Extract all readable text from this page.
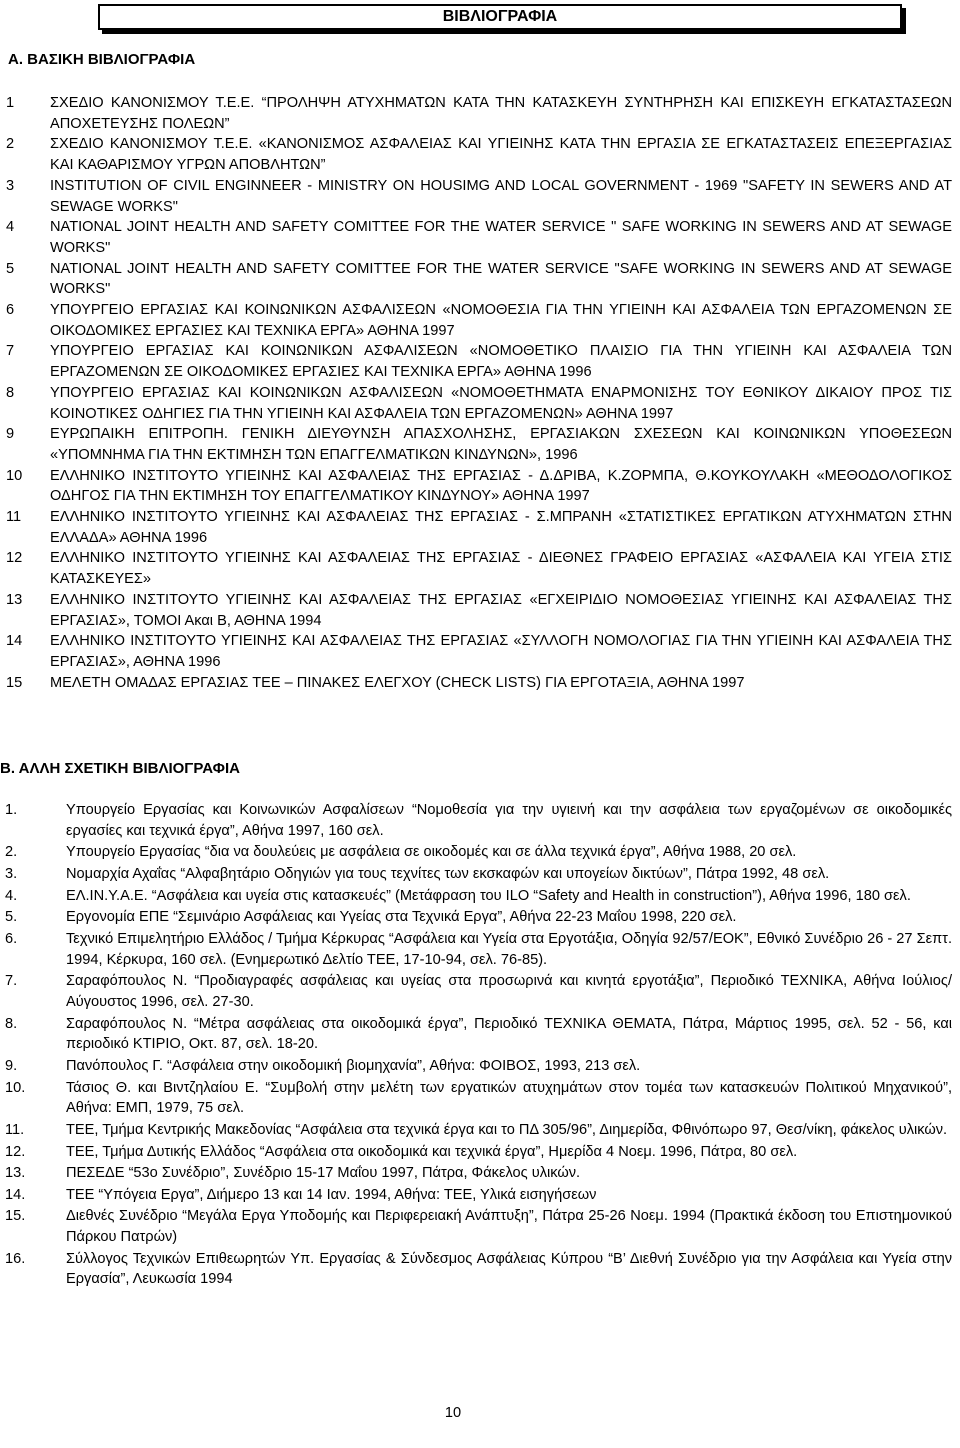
ΒΙΒΛΙΟΓΡΑΦΙΑ
Α. ΒΑΣΙΚΗ ΒΙΒΛΙΟΓΡΑΦΙΑ
1	ΣΧΕΔΙΟ ΚΑΝΟΝΙΣΜΟΥ Τ.Ε.Ε. “ΠΡΟΛΗΨΗ ΑΤΥΧΗΜΑΤΩΝ ΚΑΤΑ ΤΗΝ ΚΑΤΑΣΚΕΥΗ ΣΥΝΤΗΡΗΣΗ ΚΑΙ ΕΠΙΣΚΕΥΗ ΕΓΚΑΤΑΣΤΑΣΕΩΝ ΑΠΟΧΕΤΕΥΣΗΣ ΠΟΛΕΩΝ”
2	ΣΧΕΔΙΟ ΚΑΝΟΝΙΣΜΟΥ Τ.Ε.Ε. «ΚΑΝΟΝΙΣΜΟΣ ΑΣΦΑΛΕΙΑΣ ΚΑΙ ΥΓΙΕΙΝΗΣ ΚΑΤΑ ΤΗΝ ΕΡΓΑΣΙΑ ΣΕ ΕΓΚΑΤΑΣΤΑΣΕΙΣ ΕΠΕΞΕΡΓΑΣΙΑΣ ΚΑΙ ΚΑΘΑΡΙΣΜΟΥ ΥΓΡΩΝ ΑΠΟΒΛΗΤΩΝ”
3	INSTITUTION OF CIVIL ENGINNEER - MINISTRY ON HOUSIMG AND LOCAL GOVERNMENT - 1969 "SAFETY IN SEWERS AND AT SEWAGE WORKS"
4	NATIONAL JOINT HEALTH AND SAFETY COMITTEE FOR THE WATER SERVICE " SAFE WORKING IN SEWERS AND AT SEWAGE WORKS"
5	NATIONAL JOINT HEALTH AND SAFETY COMITTEE FOR THE WATER SERVICE "SAFE WORKING IN SEWERS AND AT SEWAGE WORKS"
6	ΥΠΟΥΡΓΕΙΟ ΕΡΓΑΣΙΑΣ ΚΑΙ ΚΟΙΝΩΝΙΚΩΝ ΑΣΦΑΛΙΣΕΩΝ «ΝΟΜΟΘΕΣΙΑ ΓΙΑ ΤΗΝ ΥΓΙΕΙΝΗ ΚΑΙ ΑΣΦΑΛΕΙΑ ΤΩΝ ΕΡΓΑΖΟΜΕΝΩΝ ΣΕ ΟΙΚΟΔΟΜΙΚΕΣ ΕΡΓΑΣΙΕΣ ΚΑΙ ΤΕΧΝΙΚΑ ΕΡΓΑ» ΑΘΗΝΑ 1997
7	ΥΠΟΥΡΓΕΙΟ ΕΡΓΑΣΙΑΣ ΚΑΙ ΚΟΙΝΩΝΙΚΩΝ ΑΣΦΑΛΙΣΕΩΝ «ΝΟΜΟΘΕΤΙΚΟ ΠΛΑΙΣΙΟ ΓΙΑ ΤΗΝ ΥΓΙΕΙΝΗ ΚΑΙ ΑΣΦΑΛΕΙΑ ΤΩΝ ΕΡΓΑΖΟΜΕΝΩΝ ΣΕ ΟΙΚΟΔΟΜΙΚΕΣ ΕΡΓΑΣΙΕΣ ΚΑΙ ΤΕΧΝΙΚΑ ΕΡΓΑ» ΑΘΗΝΑ 1996
8	ΥΠΟΥΡΓΕΙΟ ΕΡΓΑΣΙΑΣ ΚΑΙ ΚΟΙΝΩΝΙΚΩΝ ΑΣΦΑΛΙΣΕΩΝ «ΝΟΜΟΘΕΤΗΜΑΤΑ ΕΝΑΡΜΟΝΙΣΗΣ ΤΟΥ ΕΘΝΙΚΟΥ ΔΙΚΑΙΟΥ ΠΡΟΣ ΤΙΣ ΚΟΙΝΟΤΙΚΕΣ ΟΔΗΓΙΕΣ ΓΙΑ ΤΗΝ ΥΓΙΕΙΝΗ ΚΑΙ ΑΣΦΑΛΕΙΑ ΤΩΝ ΕΡΓΑΖΟΜΕΝΩΝ» ΑΘΗΝΑ 1997
9	ΕΥΡΩΠΑΙΚΗ ΕΠΙΤΡΟΠΗ. ΓΕΝΙΚΗ ΔΙΕΥΘΥΝΣΗ ΑΠΑΣΧΟΛΗΣΗΣ, ΕΡΓΑΣΙΑΚΩΝ ΣΧΕΣΕΩΝ ΚΑΙ ΚΟΙΝΩΝΙΚΩΝ ΥΠΟΘΕΣΕΩΝ «ΥΠΟΜΝΗΜΑ ΓΙΑ ΤΗΝ ΕΚΤΙΜΗΣΗ ΤΩΝ ΕΠΑΓΓΕΛΜΑΤΙΚΩΝ ΚΙΝΔΥΝΩΝ», 1996
10	ΕΛΛΗΝΙΚΟ ΙΝΣΤΙΤΟΥΤΟ ΥΓΙΕΙΝΗΣ ΚΑΙ ΑΣΦΑΛΕΙΑΣ ΤΗΣ ΕΡΓΑΣΙΑΣ - Δ.ΔΡΙΒΑ, Κ.ΖΟΡΜΠΑ, Θ.ΚΟΥΚΟΥΛΑΚΗ «ΜΕΘΟΔΟΛΟΓΙΚΟΣ ΟΔΗΓΟΣ ΓΙΑ ΤΗΝ ΕΚΤΙΜΗΣΗ ΤΟΥ ΕΠΑΓΓΕΛΜΑΤΙΚΟΥ ΚΙΝΔΥΝΟΥ» ΑΘΗΝΑ 1997
11	ΕΛΛΗΝΙΚΟ ΙΝΣΤΙΤΟΥΤΟ ΥΓΙΕΙΝΗΣ ΚΑΙ ΑΣΦΑΛΕΙΑΣ ΤΗΣ ΕΡΓΑΣΙΑΣ - Σ.ΜΠΡΑΝΗ «ΣΤΑΤΙΣΤΙΚΕΣ ΕΡΓΑΤΙΚΩΝ ΑΤΥΧΗΜΑΤΩΝ ΣΤΗΝ ΕΛΛΑΔΑ» ΑΘΗΝΑ 1996
12	ΕΛΛΗΝΙΚΟ ΙΝΣΤΙΤΟΥΤΟ ΥΓΙΕΙΝΗΣ ΚΑΙ ΑΣΦΑΛΕΙΑΣ ΤΗΣ ΕΡΓΑΣΙΑΣ - ΔΙΕΘΝΕΣ ΓΡΑΦΕΙΟ ΕΡΓΑΣΙΑΣ «ΑΣΦΑΛΕΙΑ ΚΑΙ ΥΓΕΙΑ ΣΤΙΣ ΚΑΤΑΣΚΕΥΕΣ»
13	ΕΛΛΗΝΙΚΟ ΙΝΣΤΙΤΟΥΤΟ ΥΓΙΕΙΝΗΣ ΚΑΙ ΑΣΦΑΛΕΙΑΣ ΤΗΣ ΕΡΓΑΣΙΑΣ «ΕΓΧΕΙΡΙΔΙΟ ΝΟΜΟΘΕΣΙΑΣ ΥΓΙΕΙΝΗΣ ΚΑΙ ΑΣΦΑΛΕΙΑΣ ΤΗΣ ΕΡΓΑΣΙΑΣ», ΤΟΜΟΙ Ακαι Β, ΑΘΗΝΑ 1994
14	ΕΛΛΗΝΙΚΟ ΙΝΣΤΙΤΟΥΤΟ ΥΓΙΕΙΝΗΣ ΚΑΙ ΑΣΦΑΛΕΙΑΣ ΤΗΣ ΕΡΓΑΣΙΑΣ «ΣΥΛΛΟΓΗ ΝΟΜΟΛΟΓΙΑΣ ΓΙΑ ΤΗΝ ΥΓΙΕΙΝΗ ΚΑΙ ΑΣΦΑΛΕΙΑ ΤΗΣ ΕΡΓΑΣΙΑΣ», ΑΘΗΝΑ 1996
15	ΜΕΛΕΤΗ ΟΜΑΔΑΣ ΕΡΓΑΣΙΑΣ ΤΕΕ – ΠΙΝΑΚΕΣ ΕΛΕΓΧΟΥ (CHECK LISTS) ΓΙΑ ΕΡΓΟΤΑΞΙΑ, ΑΘΗΝΑ 1997
Β. ΑΛΛΗ ΣΧΕΤΙΚΗ ΒΙΒΛΙΟΓΡΑΦΙΑ
1.	Υπουργείο Εργασίας και Κοινωνικών Ασφαλίσεων “Νομοθεσία για την υγιεινή και την ασφάλεια των εργαζομένων σε οικοδομικές εργασίες και τεχνικά έργα”, Αθήνα 1997, 160 σελ.
2.	Υπουργείο Εργασίας “δια να δουλεύεις με ασφάλεια σε οικοδομές και σε άλλα τεχνικά έργα”, Αθήνα 1988, 20 σελ.
3.	Νομαρχία Αχαΐας “Αλφαβητάριο Οδηγιών για τους τεχνίτες των εκσκαφών και υπογείων δικτύων”, Πάτρα 1992, 48 σελ.
4.	ΕΛ.ΙΝ.Υ.Α.Ε. “Ασφάλεια και υγεία στις κατασκευές” (Μετάφραση του ILO “Safety and Health in construction”), Αθήνα 1996, 180 σελ.
5.	Εργονομία ΕΠΕ “Σεμινάριο Ασφάλειας και Υγείας στα Τεχνικά Εργα”, Αθήνα 22-23 Μαΐου 1998, 220 σελ.
6.	Τεχνικό Επιμελητήριο Ελλάδος / Τμήμα Κέρκυρας “Ασφάλεια και Υγεία στα Εργοτάξια, Οδηγία 92/57/ΕΟΚ”, Εθνικό Συνέδριο 26 - 27 Σεπτ. 1994, Κέρκυρα, 160 σελ. (Ενημερωτικό Δελτίο ΤΕΕ, 17-10-94, σελ. 76-85).
7.	Σαραφόπουλος Ν. “Προδιαγραφές ασφάλειας και υγείας στα προσωρινά και κινητά εργοτάξια”, Περιοδικό ΤΕΧΝΙΚΑ, Αθήνα Ιούλιος/Αύγουστος 1996, σελ. 27-30.
8.	Σαραφόπουλος Ν. “Μέτρα ασφάλειας στα οικοδομικά έργα”, Περιοδικό ΤΕΧΝΙΚΑ ΘΕΜΑΤΑ, Πάτρα, Μάρτιος 1995, σελ. 52 - 56, και περιοδικό ΚΤΙΡΙΟ, Οκτ. 87, σελ. 18-20.
9.	Πανόπουλος Γ. “Ασφάλεια στην οικοδομική βιομηχανία”, Αθήνα: ΦΟΙΒΟΣ, 1993, 213 σελ.
10.	Τάσιος Θ. και Βιντζηλαίου Ε. “Συμβολή στην μελέτη των εργατικών ατυχημάτων στον τομέα των κατασκευών Πολιτικού Μηχανικού”, Αθήνα: ΕΜΠ, 1979, 75 σελ.
11.	ΤΕΕ, Τμήμα Κεντρικής Μακεδονίας “Ασφάλεια στα τεχνικά έργα και το ΠΔ 305/96”, Διημερίδα, Φθινόπωρο 97, Θεσ/νίκη, φάκελος υλικών.
12.	ΤΕΕ, Τμήμα Δυτικής Ελλάδος “Ασφάλεια στα οικοδομικά και τεχνικά έργα”, Ημερίδα 4 Νοεμ. 1996, Πάτρα, 80 σελ.
13.	ΠΕΣΕΔΕ “53ο Συνέδριο”, Συνέδριο 15-17 Μαΐου 1997, Πάτρα, Φάκελος υλικών.
14.	ΤΕΕ “Υπόγεια Εργα”, Διήμερο 13 και 14 Ιαν. 1994, Αθήνα: ΤΕΕ, Υλικά εισηγήσεων
15.	Διεθνές Συνέδριο “Μεγάλα Εργα Υποδομής και Περιφερειακή Ανάπτυξη”, Πάτρα 25-26 Νοεμ. 1994 (Πρακτικά έκδοση του Επιστημονικού Πάρκου Πατρών)
16.	Σύλλογος Τεχνικών Επιθεωρητών Υπ. Εργασίας & Σύνδεσμος Ασφάλειας Κύπρου “Β’ Διεθνή Συνέδριο για την Ασφάλεια και Υγεία στην Εργασία”, Λευκωσία 1994
10
